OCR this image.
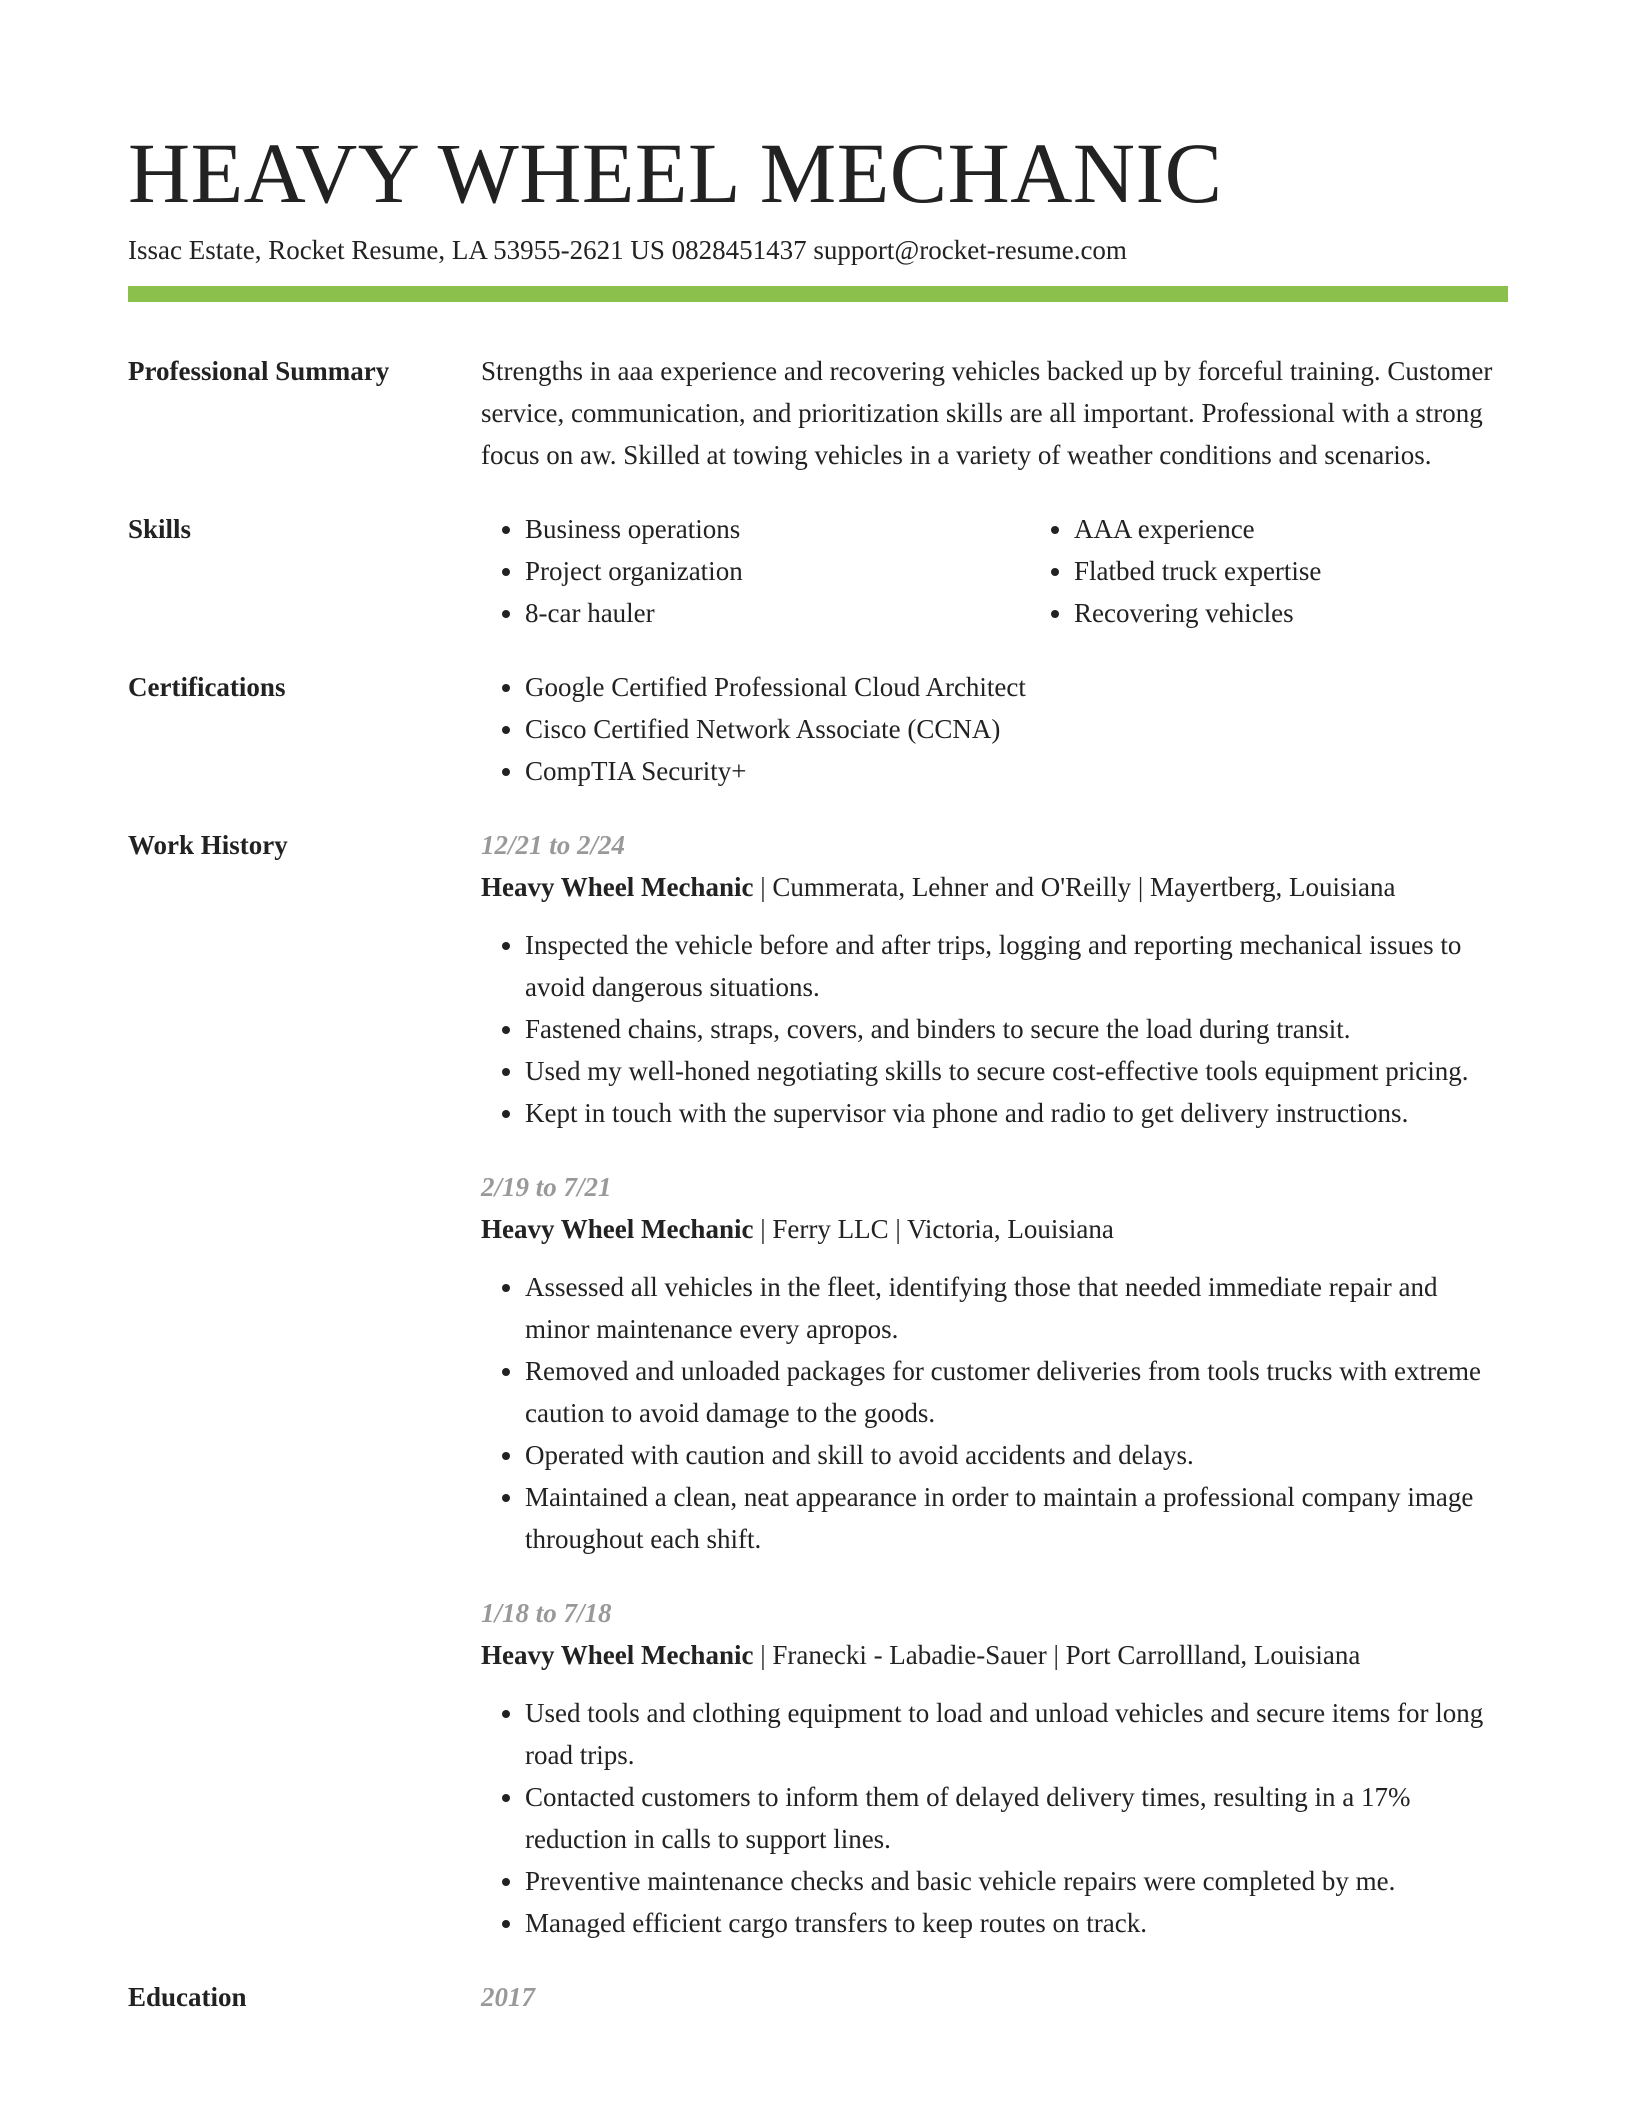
HEAVY WHEEL MECHANIC
Issac Estate, Rocket Resume, LA 53955-2621 US 0828451437 support@rocket-resume.com
Professional Summary	Strengths in aaa experience and recovering vehicles backed up by forceful training. Customer service, communication, and prioritization skills are all important. Professional with a strong focus on aw. Skilled at towing vehicles in a variety of weather conditions and scenarios.

Skills	• Business operations
• Project organization
• 8-car hauler
• AAA experience
• Flatbed truck expertise
• Recovering vehicles
Certifications	• Google Certified Professional Cloud Architect
• Cisco Certified Network Associate (CCNA)
• CompTIA Security+
Work History	12/21 to 2/24
Heavy Wheel Mechanic | Cummerata, Lehner and O'Reilly | Mayertberg, Louisiana
• Inspected the vehicle before and after trips, logging and reporting mechanical issues to avoid dangerous situations.
• Fastened chains, straps, covers, and binders to secure the load during transit.
• Used my well-honed negotiating skills to secure cost-effective tools equipment pricing.
• Kept in touch with the supervisor via phone and radio to get delivery instructions.
2/19 to 7/21
Heavy Wheel Mechanic | Ferry LLC | Victoria, Louisiana
• Assessed all vehicles in the fleet, identifying those that needed immediate repair and minor maintenance every apropos.
• Removed and unloaded packages for customer deliveries from tools trucks with extreme caution to avoid damage to the goods.
• Operated with caution and skill to avoid accidents and delays.
• Maintained a clean, neat appearance in order to maintain a professional company image throughout each shift.
1/18 to 7/18
Heavy Wheel Mechanic | Franecki - Labadie-Sauer | Port Carrollland, Louisiana
• Used tools and clothing equipment to load and unload vehicles and secure items for long road trips.
• Contacted customers to inform them of delayed delivery times, resulting in a 17% reduction in calls to support lines.
• Preventive maintenance checks and basic vehicle repairs were completed by me.
• Managed efficient cargo transfers to keep routes on track.
Education	2017
